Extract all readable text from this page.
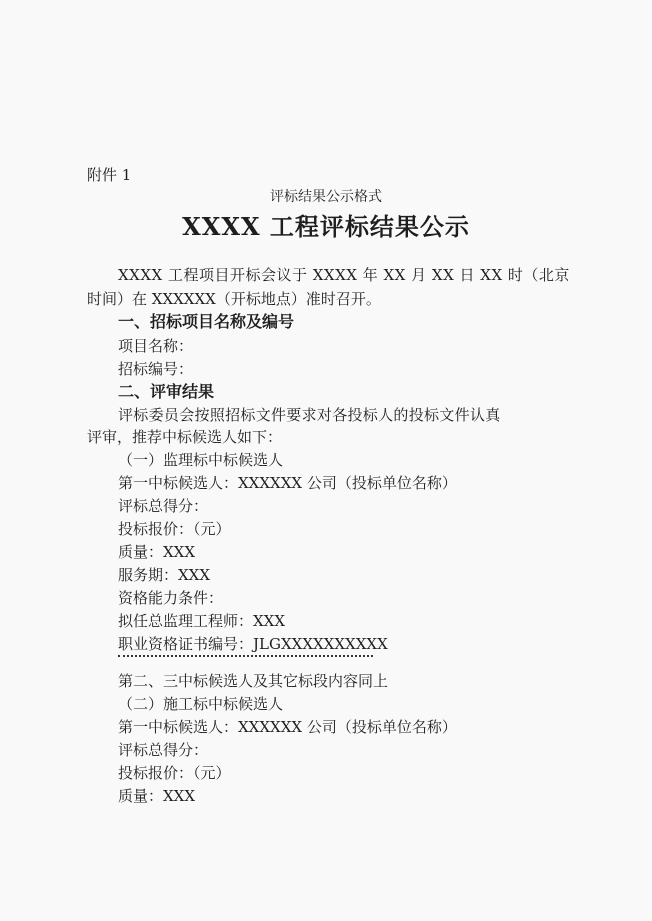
附件 1
评标结果公示格式
XXXX 工程评标结果公示
XXXX 工程项目开标会议于 XXXX 年 XX 月 XX 日 XX 时（北京
时间）在 XXXXXX（开标地点）准时召开。
一、招标项目名称及编号
项目名称：
招标编号：
二、评审结果
评标委员会按照招标文件要求对各投标人的投标文件认真
评审，推荐中标候选人如下：
（一）监理标中标候选人
第一中标候选人：XXXXXX 公司（投标单位名称）
评标总得分：
投标报价：（元）
质量：XXX
服务期：XXX
资格能力条件：
拟任总监理工程师：XXX
职业资格证书编号：JLGXXXXXXXXXX
第二、三中标候选人及其它标段内容同上
（二）施工标中标候选人
第一中标候选人：XXXXXX 公司（投标单位名称）
评标总得分：
投标报价：（元）
质量：XXX
